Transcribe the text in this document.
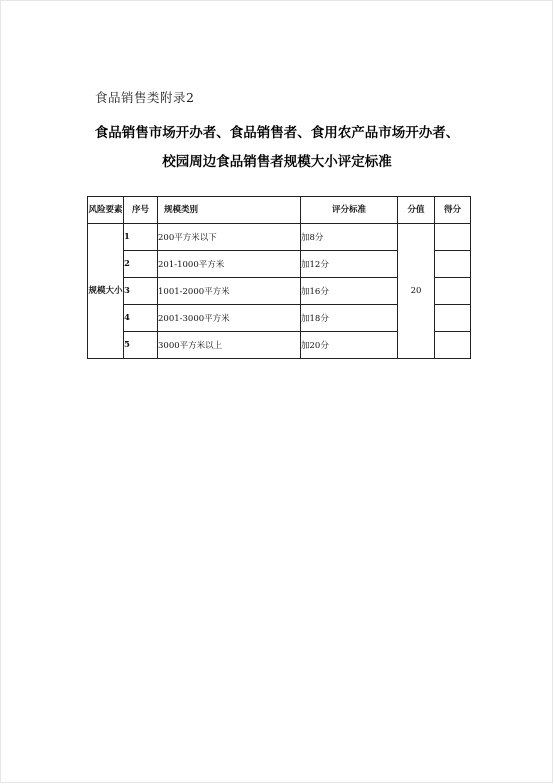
食品销售类附录2
食品销售市场开办者、食品销售者、食用农产品市场开办者、
校园周边食品销售者规模大小评定标准
风险要素	序号	规模类别	评分标准	分值	得分
规模大小	1	200平方米以下	加8分	20	
	2	201-1000平方米	加12分		
	3	1001-2000平方米	加16分		
	4	2001-3000平方米	加18分		
	5	3000平方米以上	加20分		
